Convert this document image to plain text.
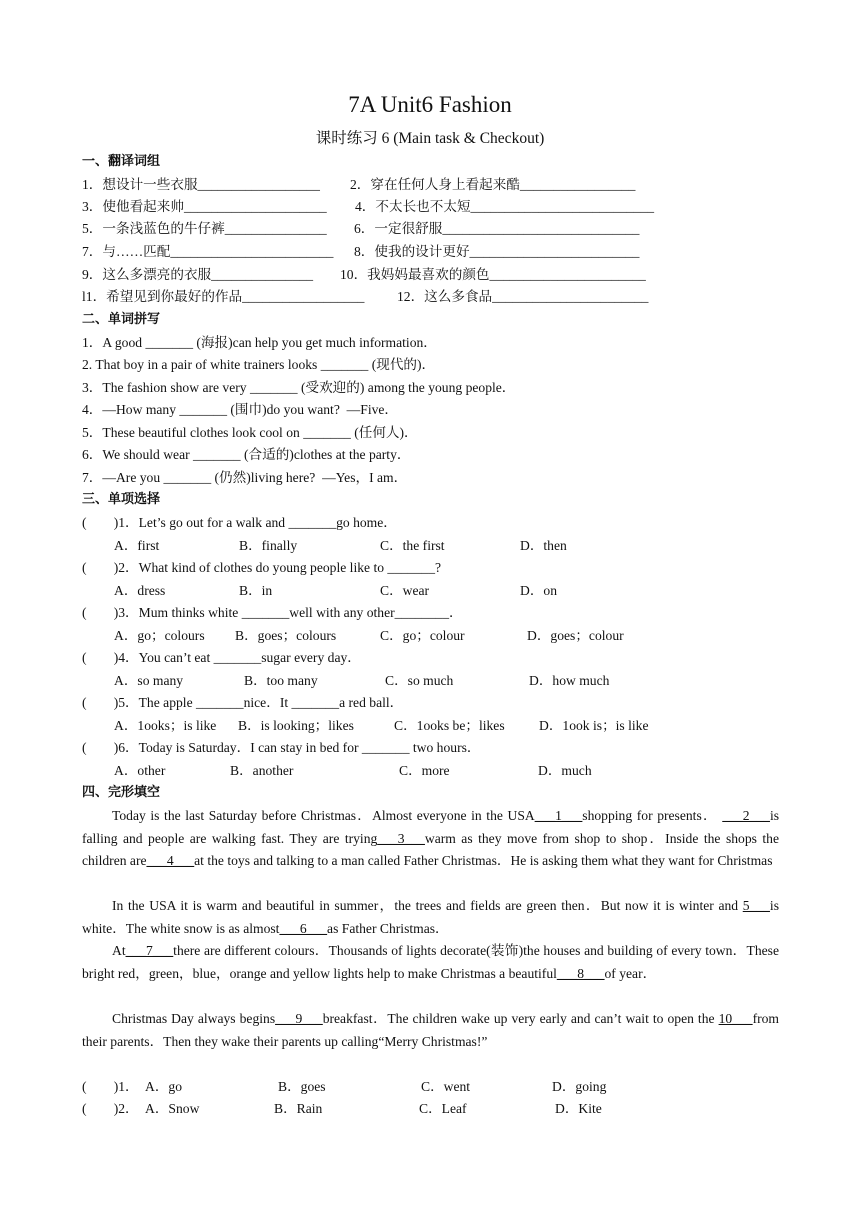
7A Unit6 Fashion
课时练习 6 (Main task & Checkout)
一、翻译词组
1．想设计一些衣服__________________ 2．穿在任何人身上看起来酷_________________
3．使他看起来帅_____________________ 4．不太长也不太短___________________________
5．一条浅蓝色的牛仔裤_______________ 6．一定很舒服_____________________________
7．与……匹配________________________ 8．使我的设计更好_________________________
9．这么多漂亮的衣服_______________ 10．我妈妈最喜欢的颜色_______________________
l1．希望见到你最好的作品__________________ 12．这么多食品_______________________
二、单词拼写
1．A good _______ (海报)can help you get much information．
2. That boy in a pair of white trainers looks _______ (现代的)．
3．The fashion show are very _______ (受欢迎的) among the young people．
4．—How many _______ (围巾)do you want?  —Five．
5．These beautiful clothes look cool on _______ (任何人)．
6．We should wear _______ (合适的)clothes at the party．
7．—Are you _______ (仍然)living here?  —Yes，I am．
三、单项选择
(        )1．Let’s go out for a walk and _______go home．
A．first	B．finally	C．the first	D．then
(        )2．What kind of clothes do young people like to _______?
A．dress	B．in	C．wear	D．on
(        )3．Mum thinks white _______well with any other________．
A．go；colours B．goes；colours	C．go；colour	D．goes；colour
(        )4．You can’t eat _______sugar every day．
A．so many	B．too many	C．so much	D．how much
(        )5．The apple _______nice．It _______a red ball．
A．1ooks；is like B．is looking；likes	C．1ooks be；likes	D．1ook is；is like
(        )6．Today is Saturday．I can stay in bed for _______ two hours．
A．other	B．another	C．more	D．much
四、完形填空
Today is the last Saturday before Christmas．Almost everyone in the USA___1___shopping for presents． ___2___is falling and people are walking fast. They are trying___3___warm as they move from shop to shop．Inside the shops the children are___4___at the toys and talking to a man called Father Christmas．He is asking them what they want for Christmas
In the USA it is warm and beautiful in summer，the trees and fields are green then．But now it is winter and 5___is white．The white snow is as almost___6___as Father Christmas．
At___7___there are different colours．Thousands of lights decorate(装饰)the houses and building of every town．These bright red，green，blue，orange and yellow lights help to make Christmas a beautiful___8___of year．
Christmas Day always begins___9___breakfast．The children wake up very early and can’t wait to open the 10___from their parents．Then they wake their parents up calling“Merry Christmas!”
(        )1． A．go	B．goes	C．went	D．going
(        )2． A．Snow	B．Rain	C．Leaf	D．Kite
